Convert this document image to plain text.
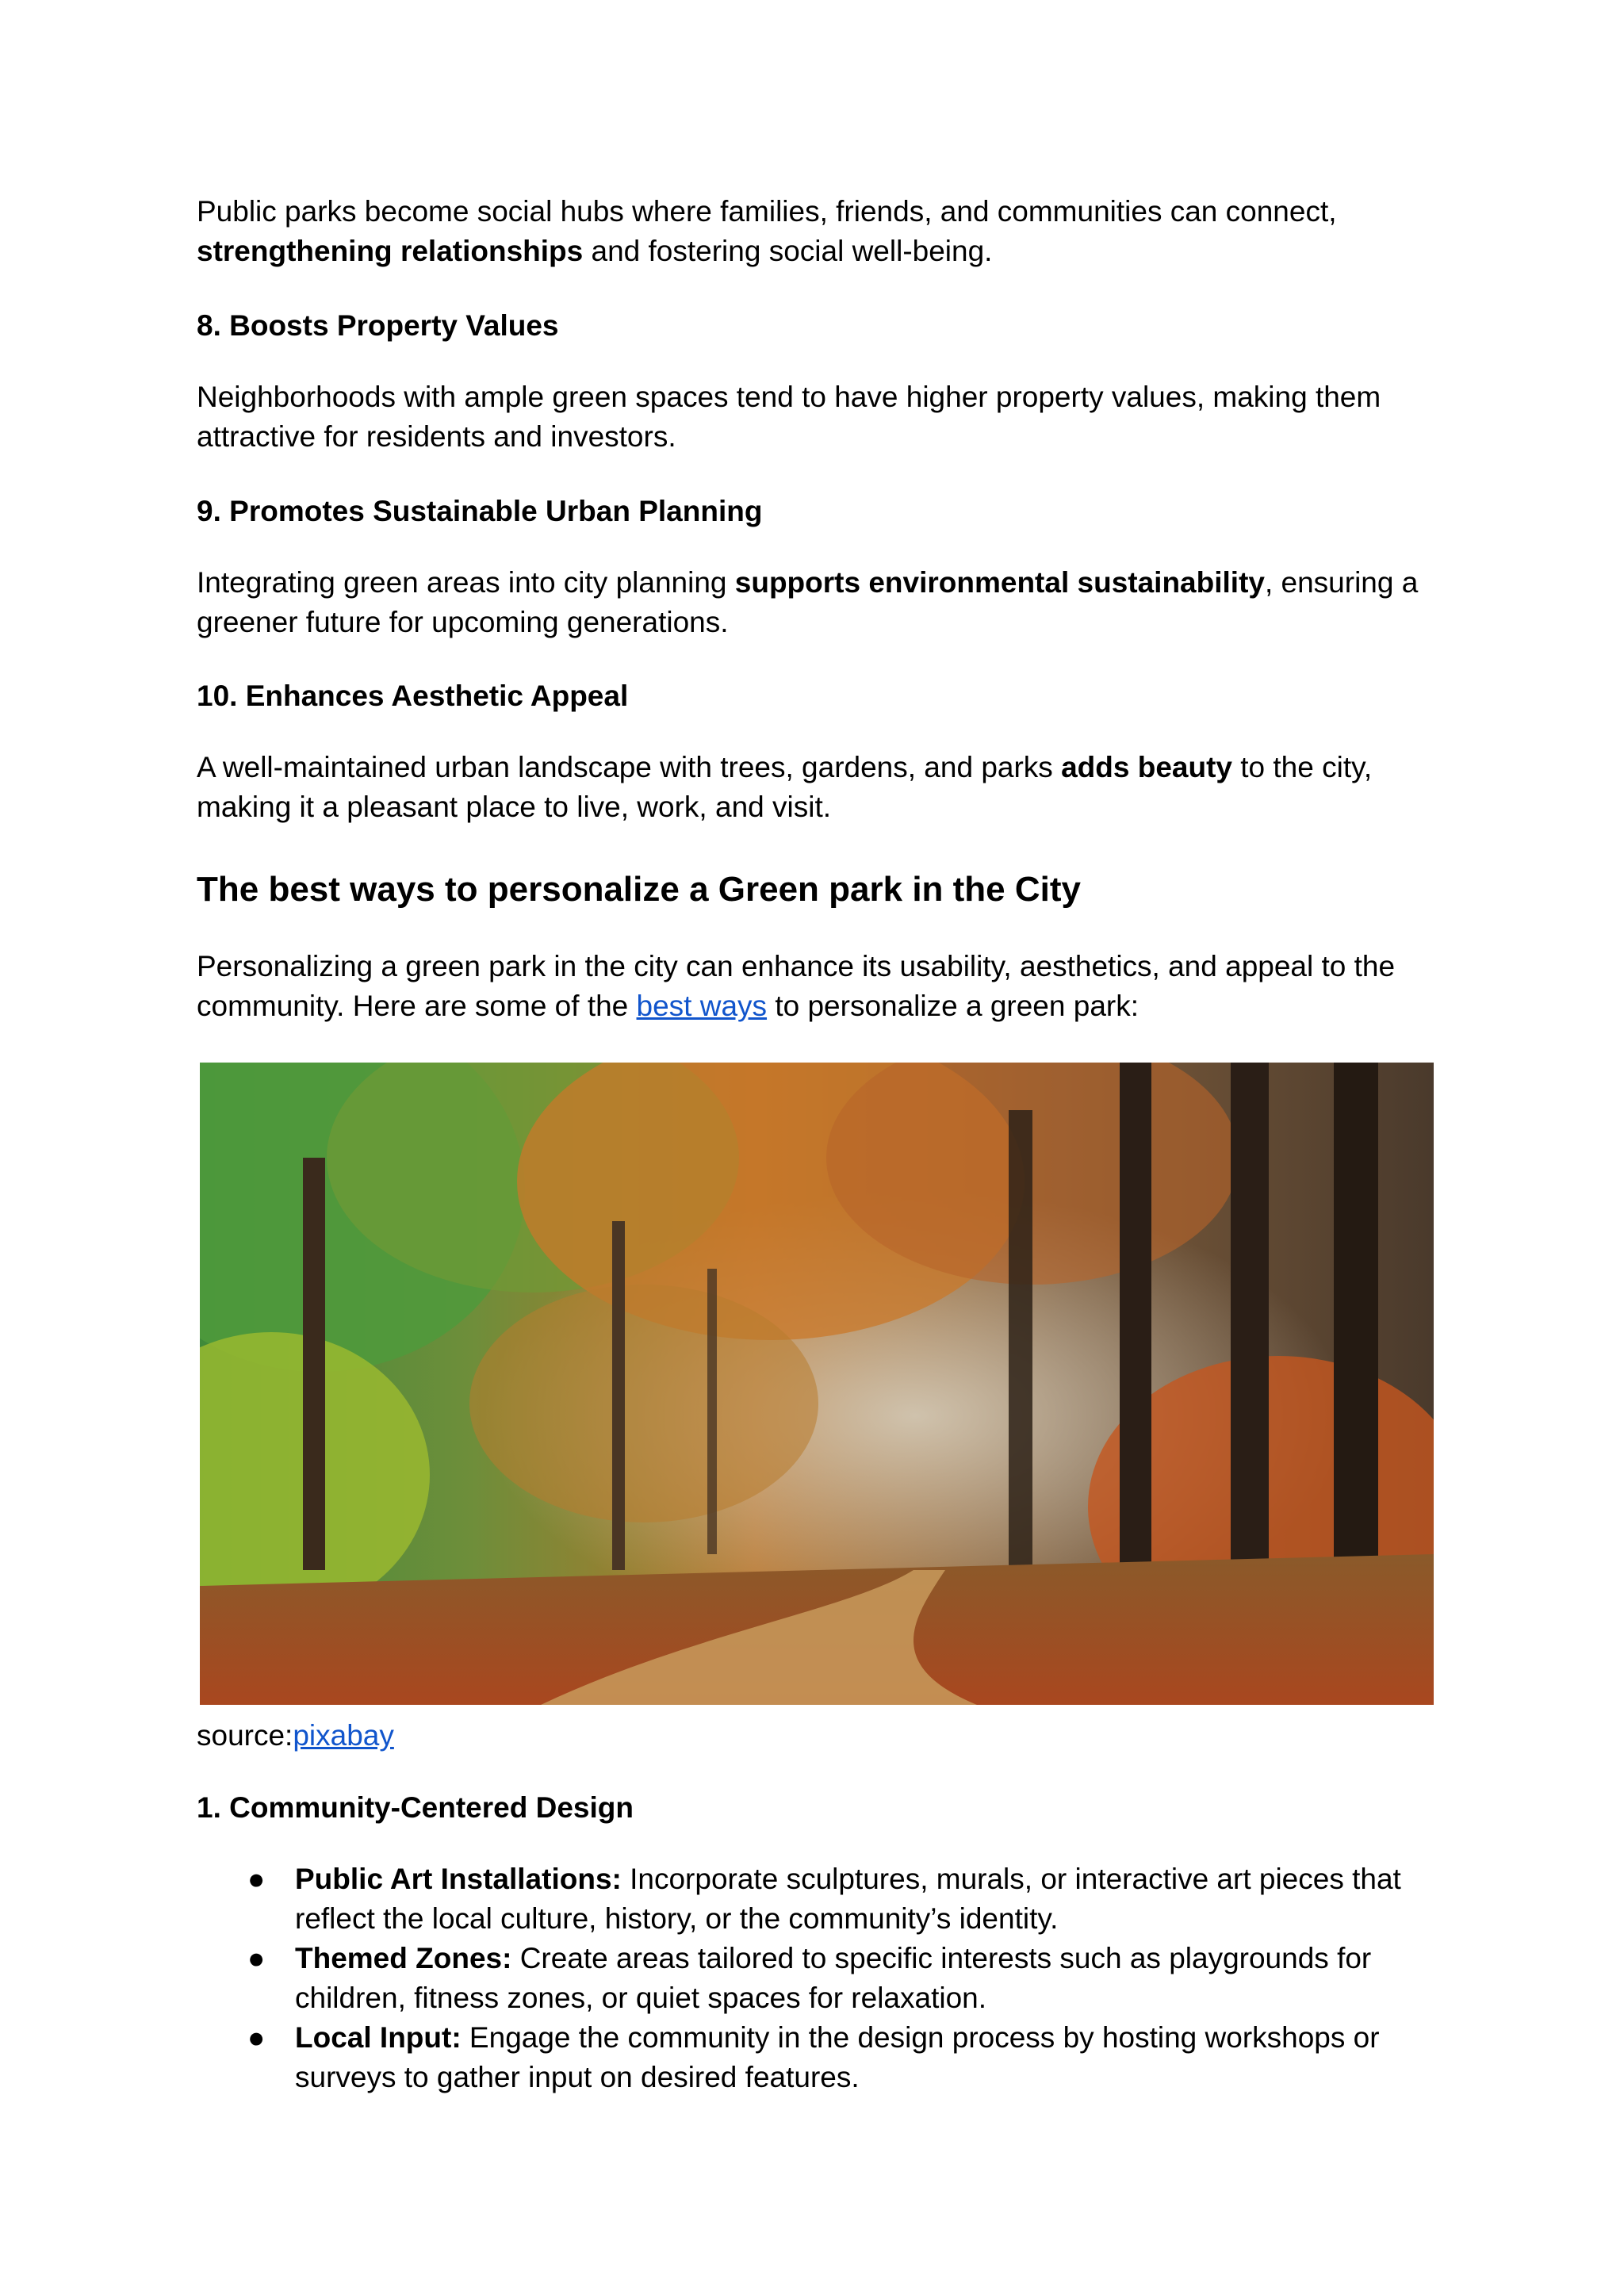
Public parks become social hubs where families, friends, and communities can connect, strengthening relationships and fostering social well-being.

8. Boosts Property Values

Neighborhoods with ample green spaces tend to have higher property values, making them attractive for residents and investors.

9. Promotes Sustainable Urban Planning

Integrating green areas into city planning supports environmental sustainability, ensuring a greener future for upcoming generations.

10. Enhances Aesthetic Appeal

A well-maintained urban landscape with trees, gardens, and parks adds beauty to the city, making it a pleasant place to live, work, and visit.

The best ways to personalize a Green park in the City

Personalizing a green park in the city can enhance its usability, aesthetics, and appeal to the community. Here are some of the best ways to personalize a green park:

source:pixabay

1. Community-Centered Design
● Public Art Installations: Incorporate sculptures, murals, or interactive art pieces that reflect the local culture, history, or the community’s identity.
● Themed Zones: Create areas tailored to specific interests such as playgrounds for children, fitness zones, or quiet spaces for relaxation.
● Local Input: Engage the community in the design process by hosting workshops or surveys to gather input on desired features.
